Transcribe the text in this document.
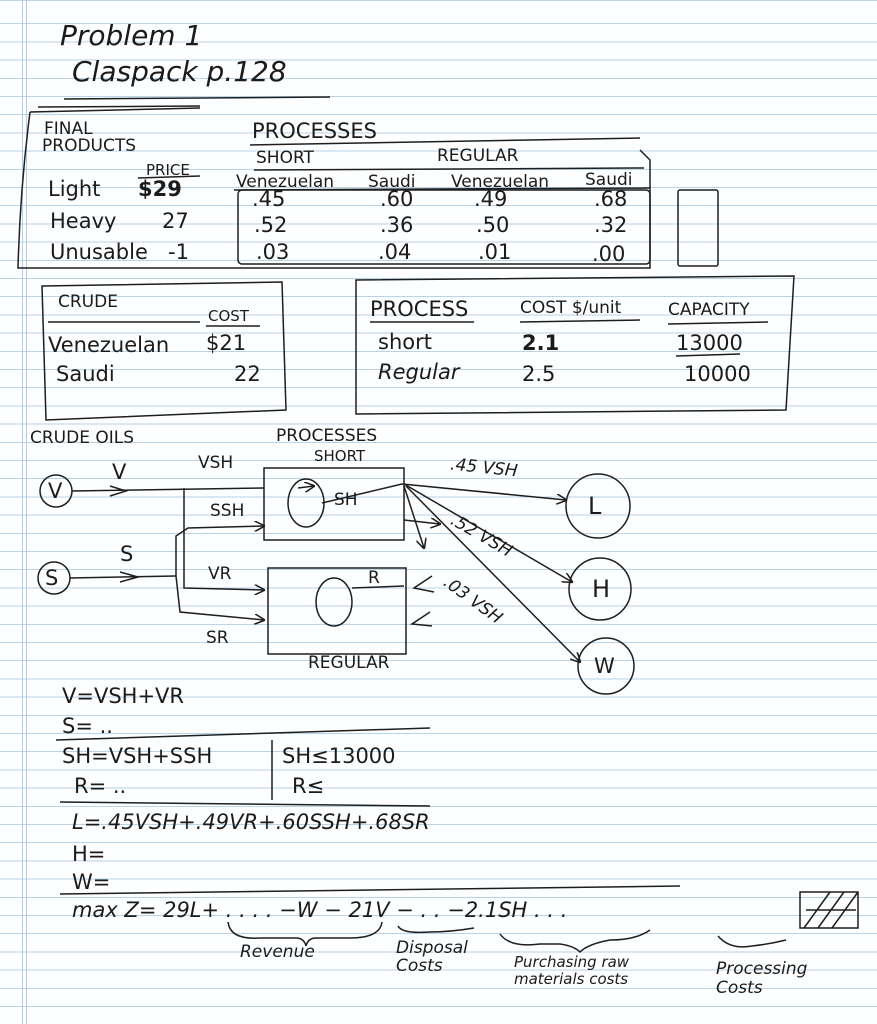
Problem 1
Claspack p.128
FINAL
PRODUCTS
PRICE
Light $29
Heavy 27
Unusable -1
PROCESSES
SHORT	REGULAR
Venezuelan Saudi Venezuelan Saudi
.45	.60	.49	.68
.52	.36	.50	.32
.03	.04	.01	.00
CRUDE
COST
Venezuelan $21
Saudi	22
PROCESS	COST $/unit	CAPACITY
short	2.1	13000
Regular	2.5	10000
CRUDE OILS	PROCESSES
SHORT
REGULAR
V
S
V
S
VSH
SSH
VR
SR
SH
R
.45 VSH
.52 VSH
.03 VSH
L
H
W
V=VSH+VR
S= ..
SH=VSH+SSH	SH≤13000
R= ..	R≤
L=.45VSH+.49VR+.60SSH+.68SR
H=
W=
max Z= 29L+ . . . . −W − 21V − . . −2.1SH . . .
Revenue	Disposal Costs	Purchasing raw materials costs	Processing Costs
